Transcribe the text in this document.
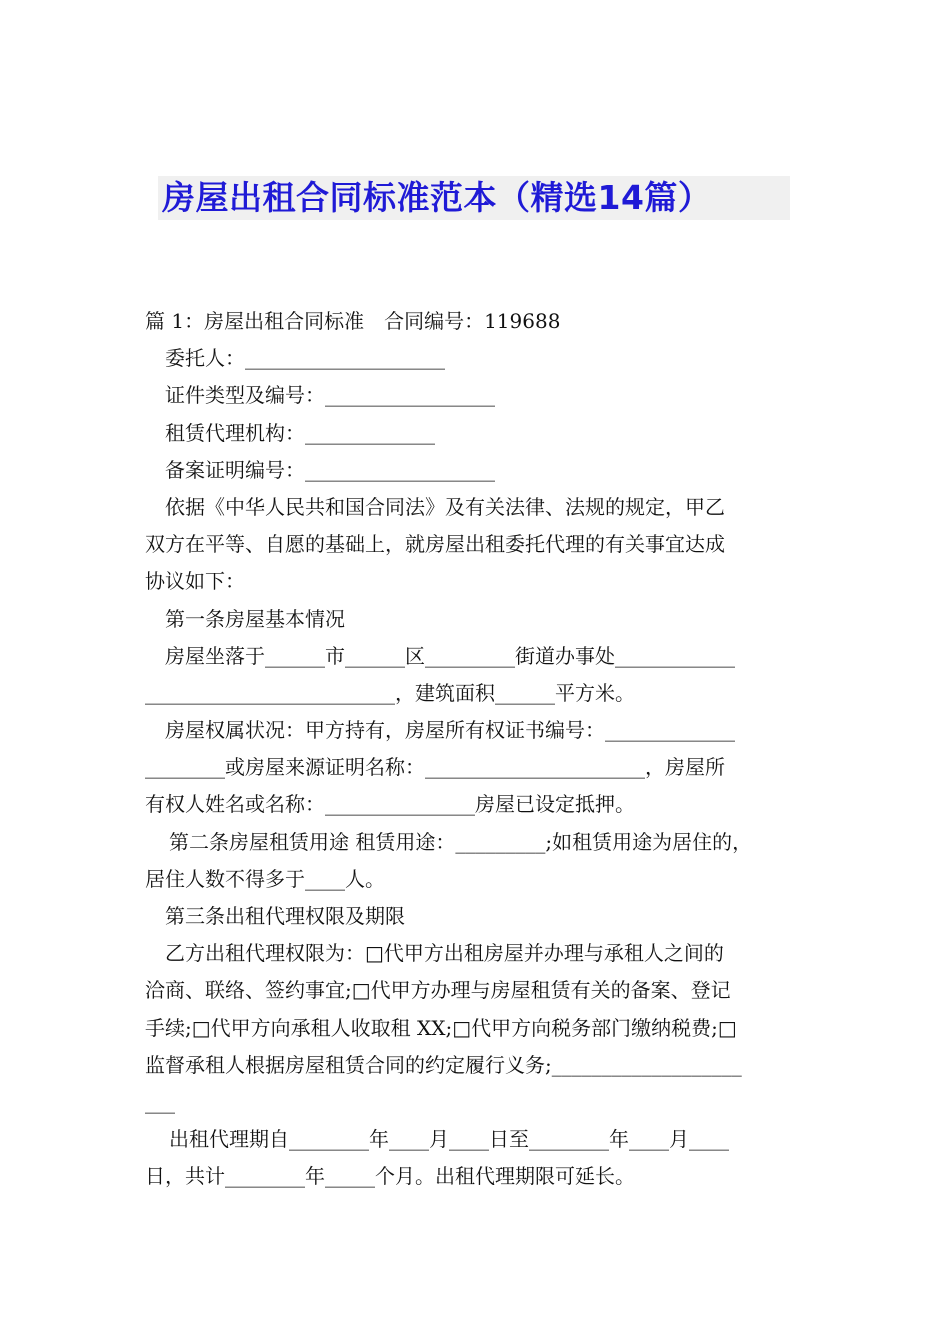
房屋出租合同标准范本（精选14篇）
篇 1：房屋出租合同标准　合同编号：119688
委托人：____________________
证件类型及编号：_________________
租赁代理机构：_____________
备案证明编号：___________________
依据《中华人民共和国合同法》及有关法律、法规的规定，甲乙
双方在平等、自愿的基础上，就房屋出租委托代理的有关事宜达成
协议如下：
第一条房屋基本情况
房屋坐落于______市______区_________街道办事处____________
_________________________，建筑面积______平方米。
房屋权属状况：甲方持有，房屋所有权证书编号：_____________
________或房屋来源证明名称：______________________，房屋所
有权人姓名或名称：_______________房屋已设定抵押。
第二条房屋租赁用途 租赁用途：_________;如租赁用途为居住的，
居住人数不得多于____人。
第三条出租代理权限及期限
乙方出租代理权限为：□代甲方出租房屋并办理与承租人之间的
洽商、联络、签约事宜;□代甲方办理与房屋租赁有关的备案、登记
手续;□代甲方向承租人收取租 XX;□代甲方向税务部门缴纳税费;□
监督承租人根据房屋租赁合同的约定履行义务;___________________
___
出租代理期自________年____月____日至________年____月____
日，共计________年_____个月。出租代理期限可延长。
